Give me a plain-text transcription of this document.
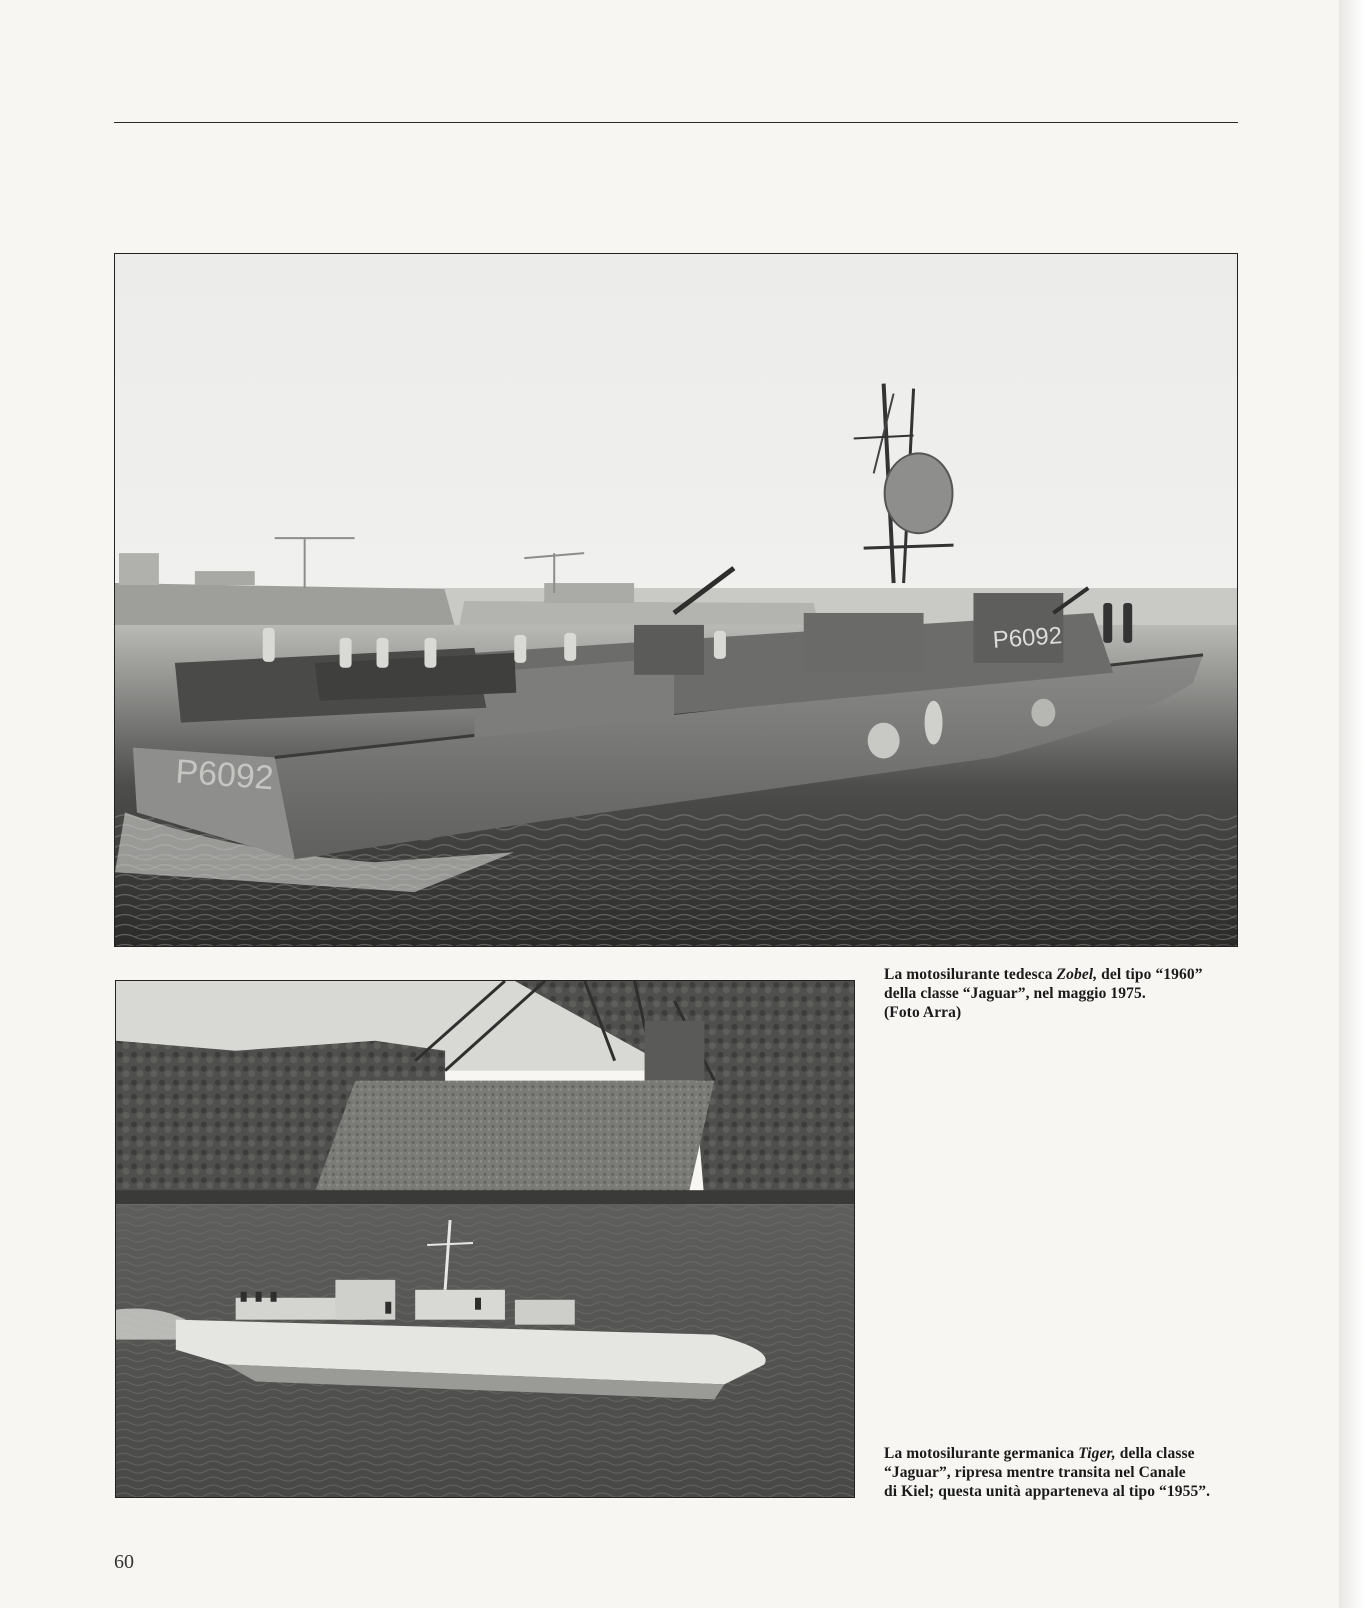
P6092
P6092
La motosilurante tedesca Zobel, del tipo “1960”
della classe “Jaguar”, nel maggio 1975.
(Foto Arra)
La motosilurante germanica Tiger, della classe
“Jaguar”, ripresa mentre transita nel Canale
di Kiel; questa unità apparteneva al tipo “1955”.
60
